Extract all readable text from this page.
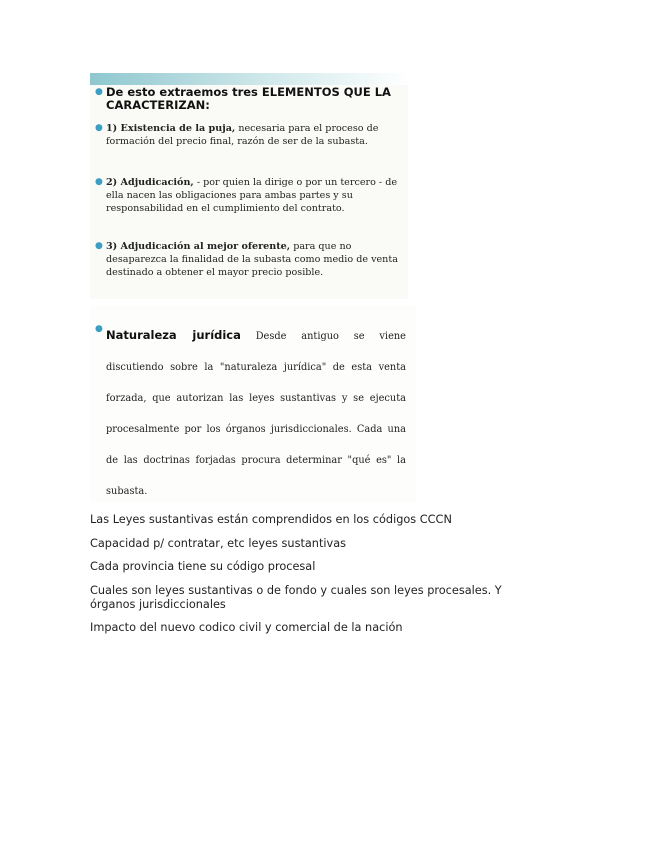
● De esto extraemos tres ELEMENTOS QUE LA CARACTERIZAN:
● 1) Existencia de la puja, necesaria para el proceso de formación del precio final, razón de ser de la subasta.
● 2) Adjudicación, - por quien la dirige o por un tercero - de ella nacen las obligaciones para ambas partes y su responsabilidad en el cumplimiento del contrato.
● 3) Adjudicación al mejor oferente, para que no desaparezca la finalidad de la subasta como medio de venta destinado a obtener el mayor precio posible.
● Naturaleza jurídica Desde antiguo se viene discutiendo sobre la "naturaleza jurídica" de esta venta forzada, que autorizan las leyes sustantivas y se ejecuta procesalmente por los órganos jurisdiccionales. Cada una de las doctrinas forjadas procura determinar "qué es" la subasta.
Las Leyes sustantivas están comprendidos en los códigos CCCN
Capacidad p/ contratar, etc leyes sustantivas
Cada provincia tiene su código procesal
Cuales son leyes sustantivas o de fondo y cuales son leyes procesales. Y órganos jurisdiccionales
Impacto del nuevo codico civil y comercial de la nación
